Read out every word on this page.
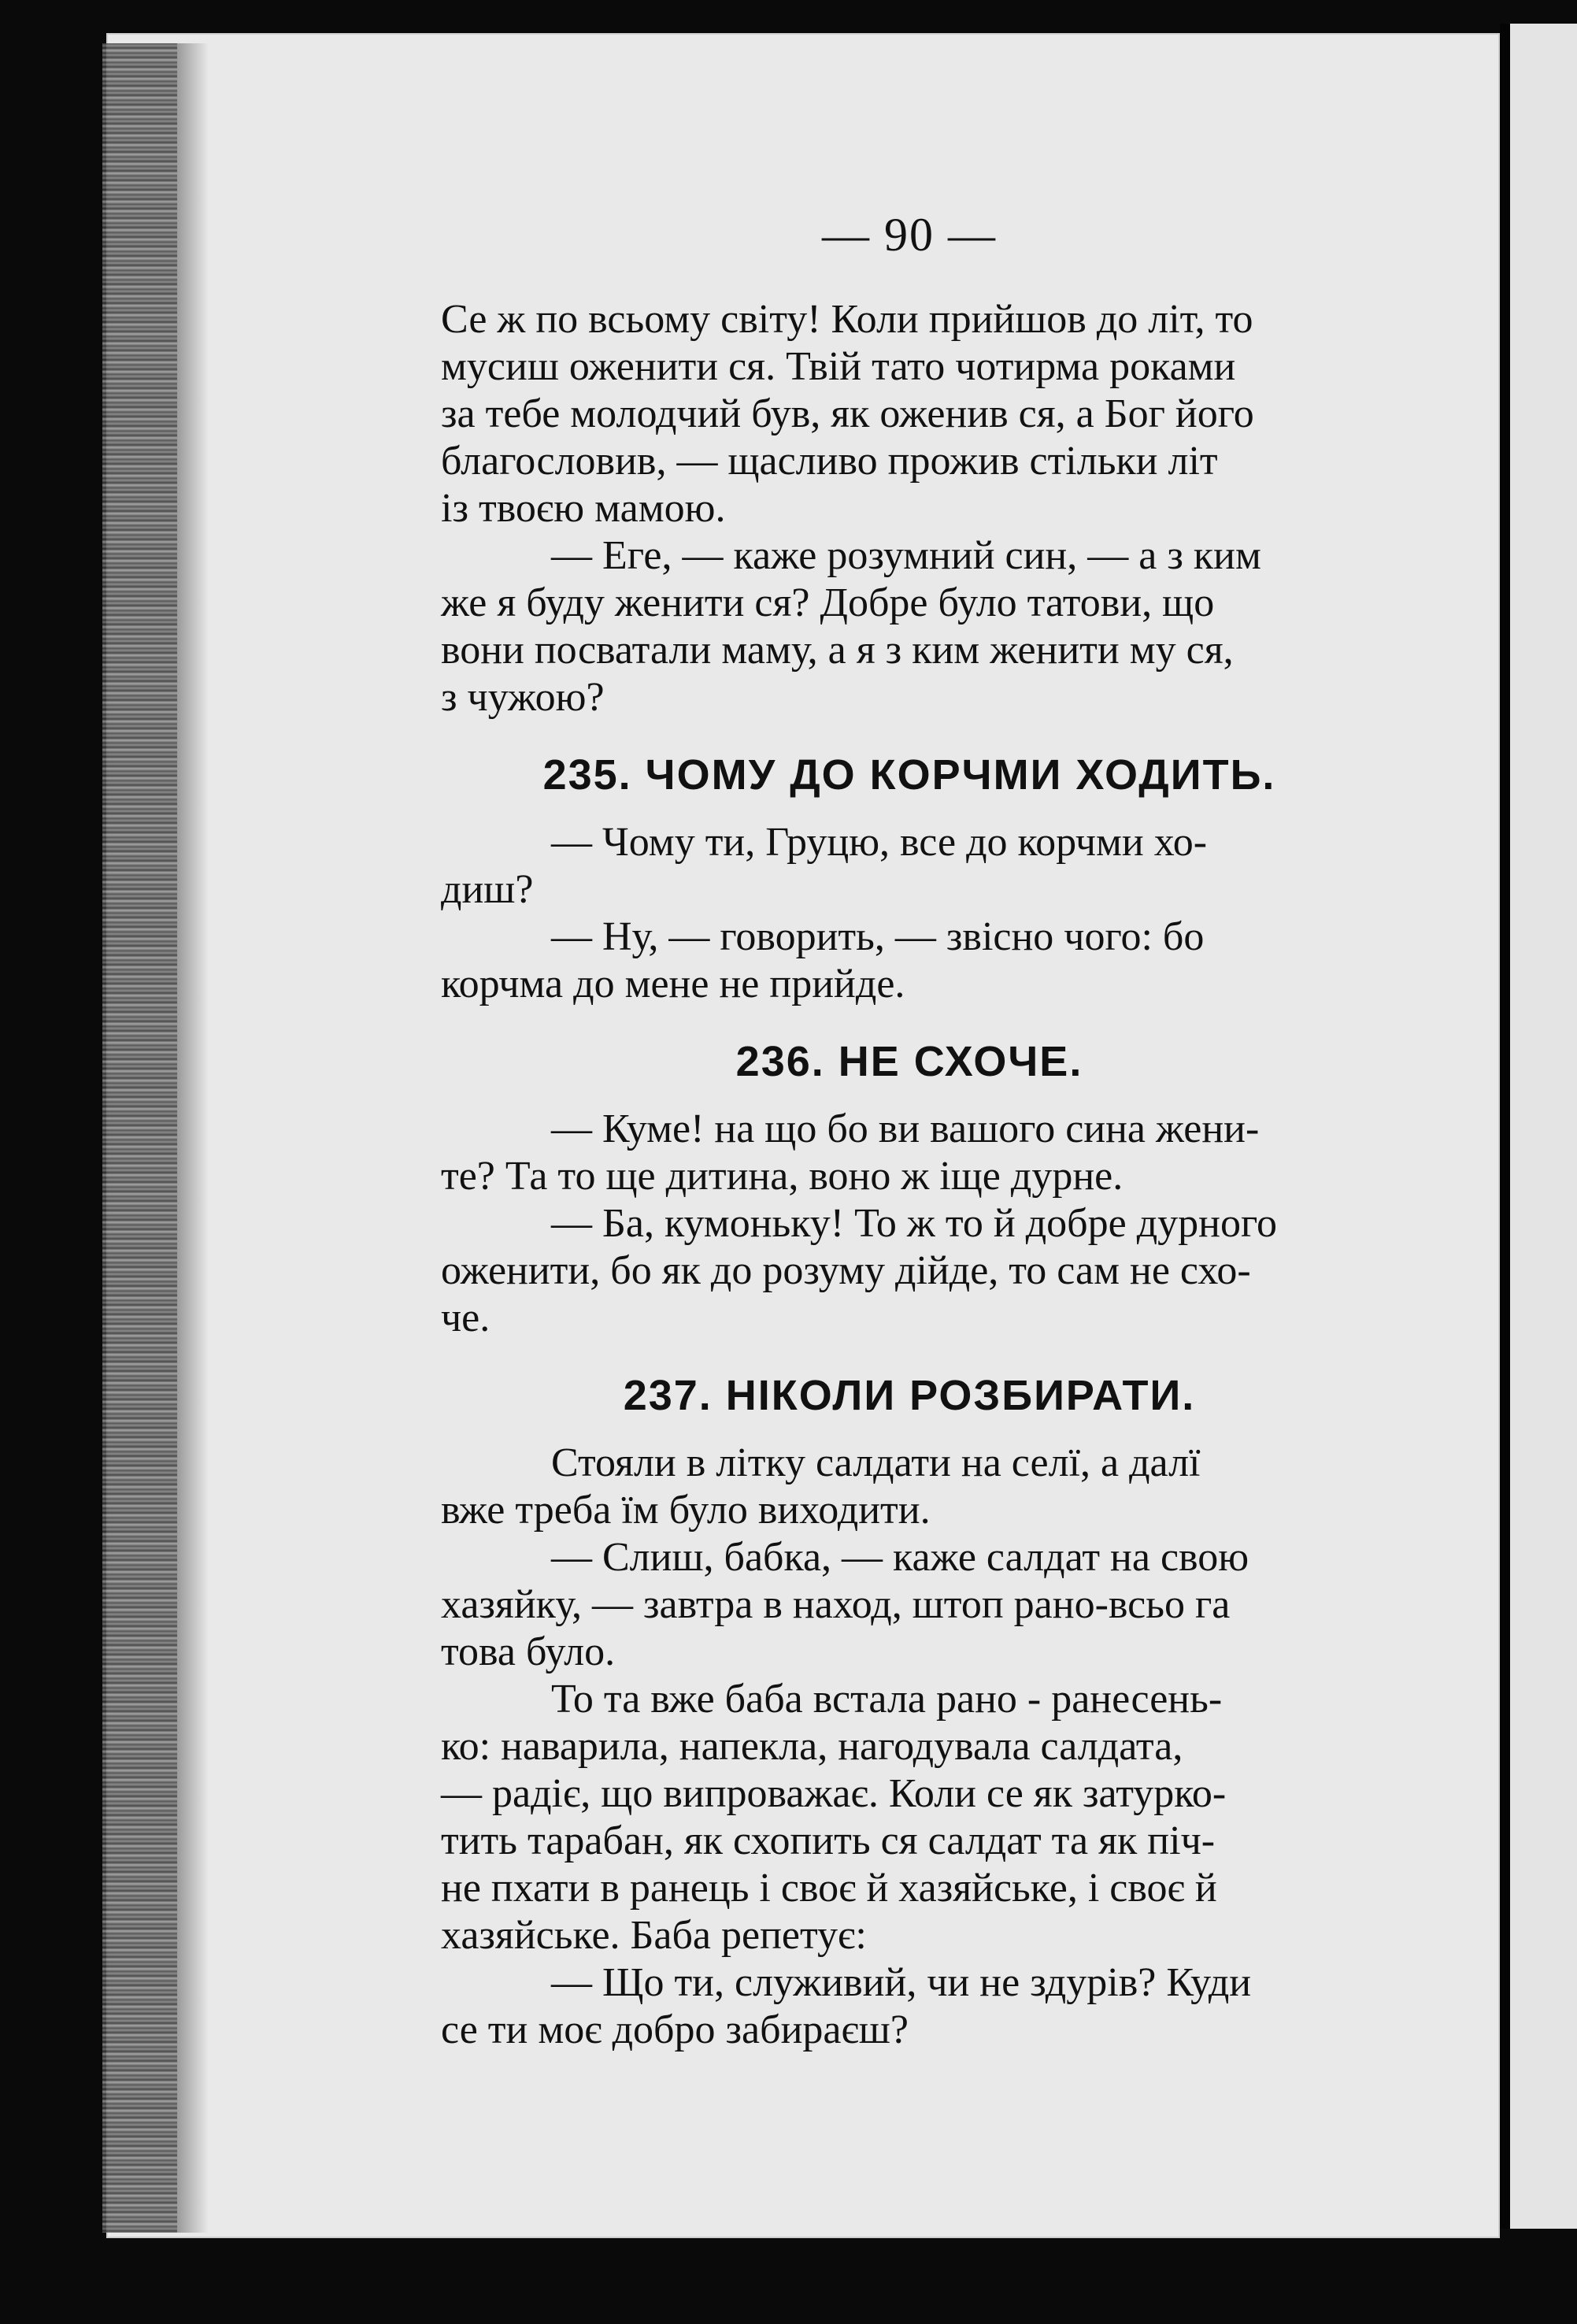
— 90 —

Се ж по всьому світу! Коли прийшов до літ, то
мусиш оженити ся. Твій тато чотирма роками
за тебе молодчий був, як оженив ся, а Бог його
благословив, — щасливо прожив стільки літ
із твоєю мамою.

— Еге, — каже розумний син, — а з ким
же я буду женити ся? Добре було татови, що
вони посватали маму, а я з ким женити му ся,
з чужою?

235. ЧОМУ ДО КОРЧМИ ХОДИТЬ.

— Чому ти, Груцю, все до корчми хо-
диш?

— Ну, — говорить, — звісно чого: бо
корчма до мене не прийде.

236. НЕ СХОЧЕ.

— Куме! на що бо ви вашого сина жени-
те? Та то ще дитина, воно ж іще дурне.

— Ба, кумоньку! То ж то й добре дурного
оженити, бо як до розуму дійде, то сам не схо-
че.

237. НІКОЛИ РОЗБИРАТИ.

Стояли в літку салдати на селї, а далї
вже треба їм було виходити.

— Слиш, бабка, — каже салдат на свою
хазяйку, — завтра в наход, штоп рано-всьо га
това було.

То та вже баба встала рано - ранесень-
ко: наварила, напекла, нагодувала салдата,
— радіє, що випроважає. Коли се як затурко-
тить тарабан, як схопить ся салдат та як піч-
не пхати в ранець і своє й хазяйське, і своє й
хазяйське. Баба репетує:

— Що ти, служивий, чи не здурів? Куди
се ти моє добро забираєш?
